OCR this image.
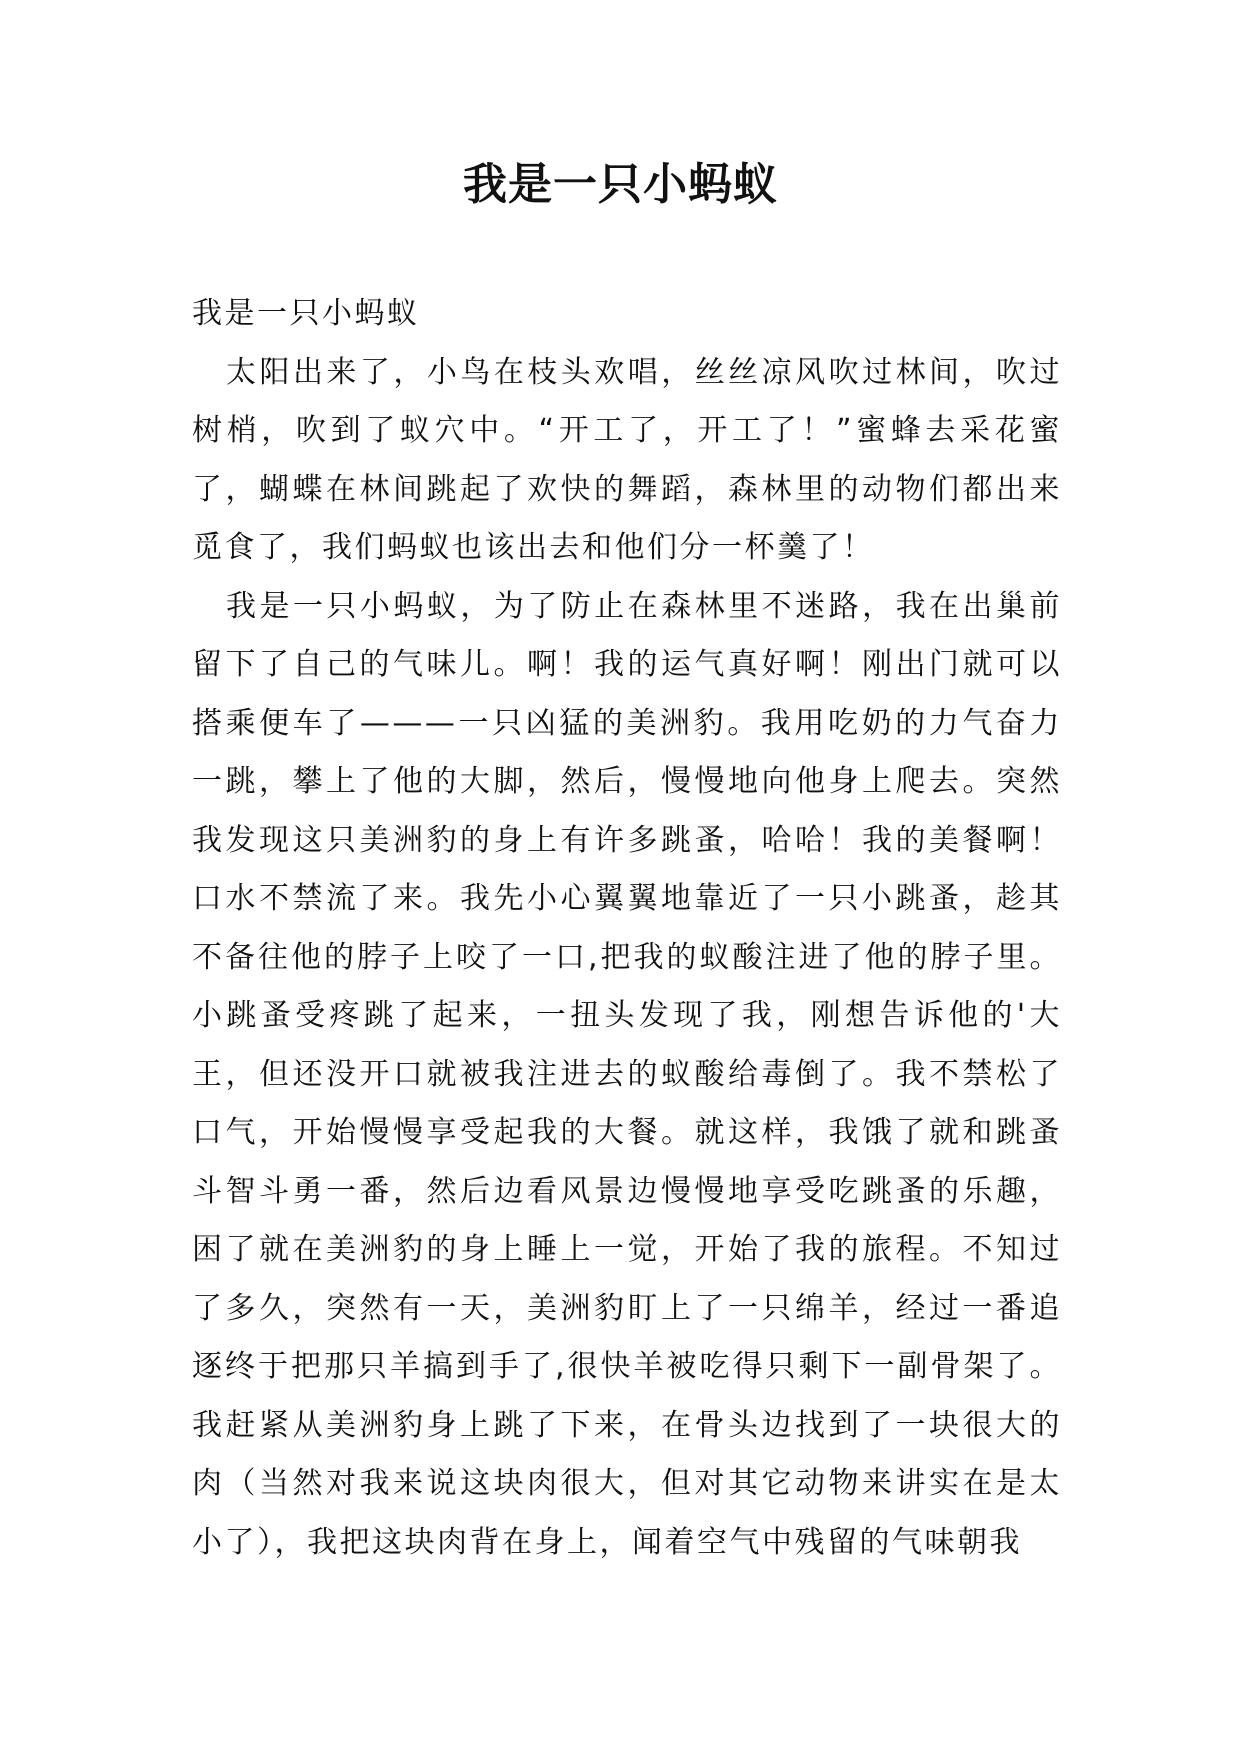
我是一只小蚂蚁

我是一只小蚂蚁

太阳出来了，小鸟在枝头欢唱，丝丝凉风吹过林间，吹过树梢，吹到了蚁穴中。“开工了，开工了！”蜜蜂去采花蜜了，蝴蝶在林间跳起了欢快的舞蹈，森林里的动物们都出来觅食了，我们蚂蚁也该出去和他们分一杯羹了！

我是一只小蚂蚁，为了防止在森林里不迷路，我在出巢前留下了自己的气味儿。啊！我的运气真好啊！刚出门就可以搭乘便车了———一只凶猛的美洲豹。我用吃奶的力气奋力一跳，攀上了他的大脚，然后，慢慢地向他身上爬去。突然我发现这只美洲豹的身上有许多跳蚤，哈哈！我的美餐啊！口水不禁流了来。我先小心翼翼地靠近了一只小跳蚤，趁其不备往他的脖子上咬了一口,把我的蚁酸注进了他的脖子里。小跳蚤受疼跳了起来，一扭头发现了我，刚想告诉他的'大王，但还没开口就被我注进去的蚁酸给毒倒了。我不禁松了口气，开始慢慢享受起我的大餐。就这样，我饿了就和跳蚤斗智斗勇一番，然后边看风景边慢慢地享受吃跳蚤的乐趣，困了就在美洲豹的身上睡上一觉，开始了我的旅程。不知过了多久，突然有一天，美洲豹盯上了一只绵羊，经过一番追逐终于把那只羊搞到手了,很快羊被吃得只剩下一副骨架了。我赶紧从美洲豹身上跳了下来，在骨头边找到了一块很大的肉（当然对我来说这块肉很大，但对其它动物来讲实在是太小了），我把这块肉背在身上，闻着空气中残留的气味朝我
